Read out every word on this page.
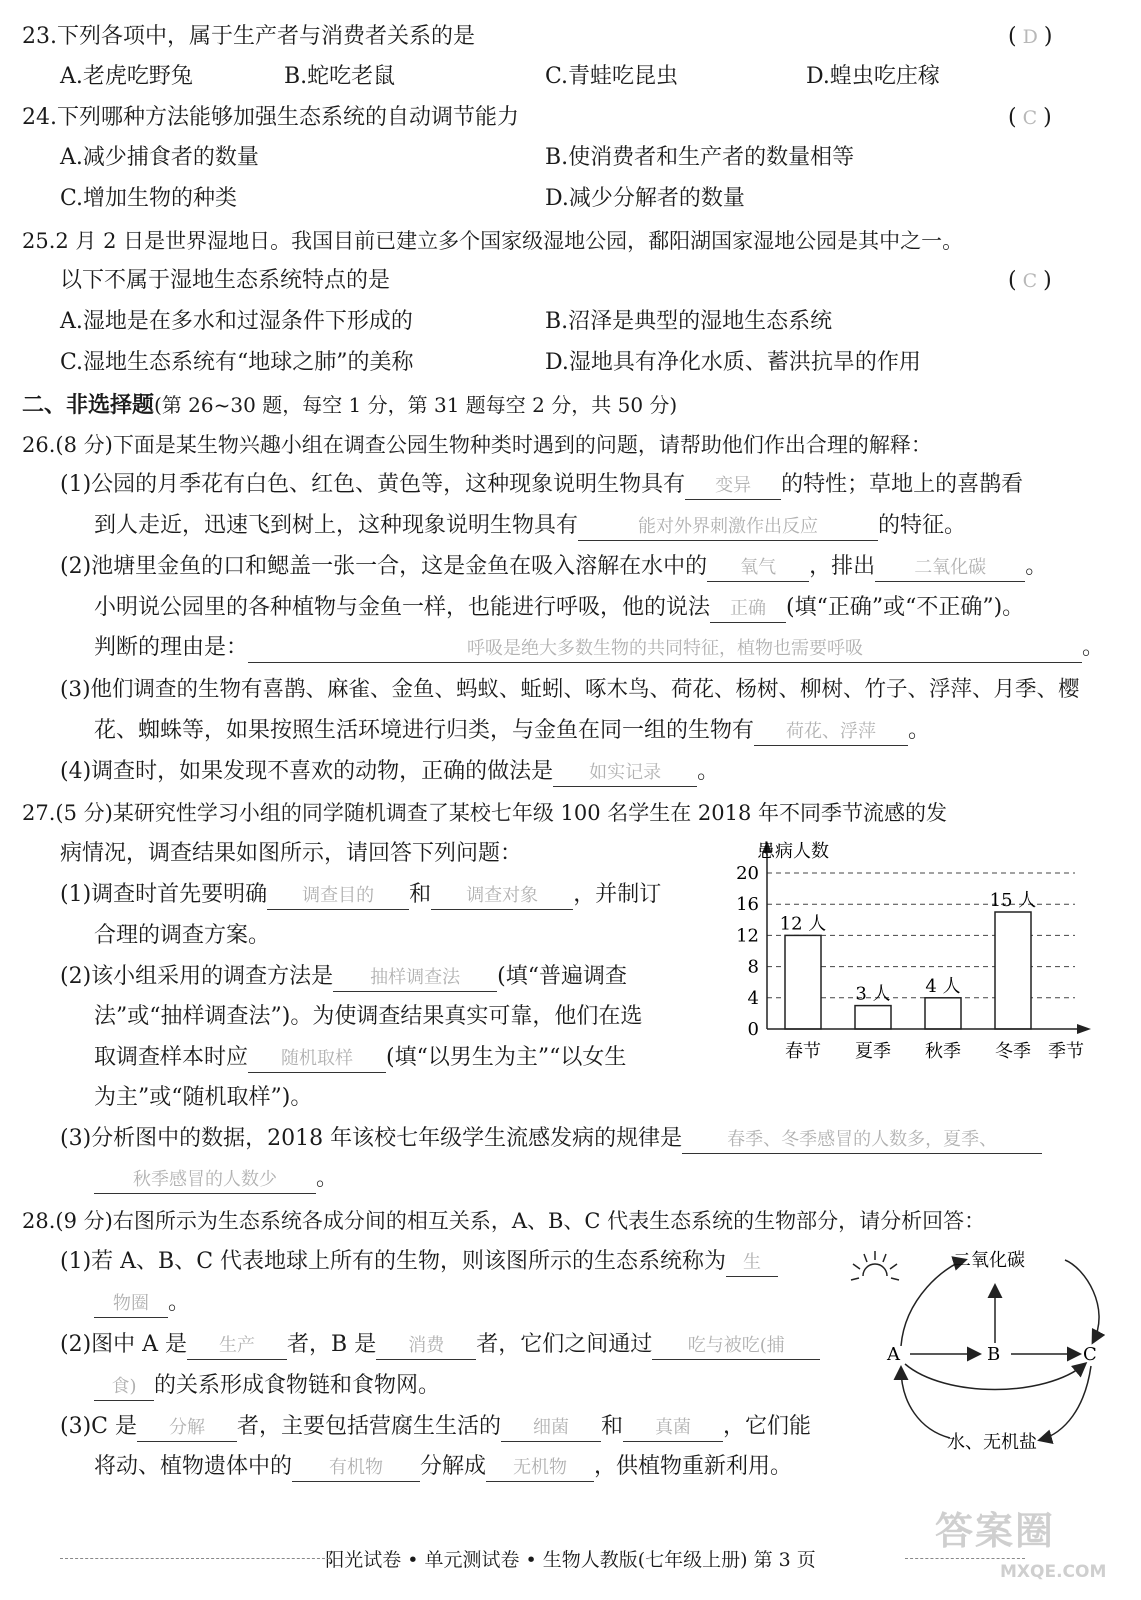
23.下列各项中，属于生产者与消费者关系的是	( D )
A.老虎吃野兔	B.蛇吃老鼠	C.青蛙吃昆虫	D.蝗虫吃庄稼
24.下列哪种方法能够加强生态系统的自动调节能力	( C )
A.减少捕食者的数量	B.使消费者和生产者的数量相等
C.增加生物的种类	D.减少分解者的数量
25.2 月 2 日是世界湿地日。我国目前已建立多个国家级湿地公园，鄱阳湖国家湿地公园是其中之一。
以下不属于湿地生态系统特点的是	( C )
A.湿地是在多水和过湿条件下形成的	B.沼泽是典型的湿地生态系统
C.湿地生态系统有“地球之肺”的美称	D.湿地具有净化水质、蓄洪抗旱的作用
二、非选择题(第 26~30 题，每空 1 分，第 31 题每空 2 分，共 50 分)
26.(8 分)下面是某生物兴趣小组在调查公园生物种类时遇到的问题，请帮助他们作出合理的解释：
(1)公园的月季花有白色、红色、黄色等，这种现象说明生物具有 变异 的特性；草地上的喜鹊看
到人走近，迅速飞到树上，这种现象说明生物具有	能对外界刺激作出反应	的特征。
(2)池塘里金鱼的口和鳃盖一张一合，这是金鱼在吸入溶解在水中的 氧气 ，排出 二氧化碳 。
小明说公园里的各种植物与金鱼一样，也能进行呼吸，他的说法 正确 (填“正确”或“不正确”)。
判断的理由是：	呼吸是绝大多数生物的共同特征，植物也需要呼吸	。
(3)他们调查的生物有喜鹊、麻雀、金鱼、蚂蚁、蚯蚓、啄木鸟、荷花、杨树、柳树、竹子、浮萍、月季、樱
花、蜘蛛等，如果按照生活环境进行归类，与金鱼在同一组的生物有 荷花、浮萍 。
(4)调查时，如果发现不喜欢的动物，正确的做法是 如实记录 。
27.(5 分)某研究性学习小组的同学随机调查了某校七年级 100 名学生在 2018 年不同季节流感的发
病情况，调查结果如图所示，请回答下列问题：
(1)调查时首先要明确 调查目的 和 调查对象 ，并制订
合理的调查方案。
(2)该小组采用的调查方法是 抽样调查法 (填“普遍调查
法”或“抽样调查法”)。为使调查结果真实可靠，他们在选
取调查样本时应 随机取样 (填“以男生为主”“以女生
为主”或“随机取样”)。
(3)分析图中的数据，2018 年该校七年级学生流感发病的规律是	春季、冬季感冒的人数多，夏季、
秋季感冒的人数少 。
12 人
3 人 4 人
15 人
0
4
8
12
16
20
春节 夏季 秋季 冬季
患病人数
季节
28.(9 分)右图所示为生态系统各成分间的相互关系，A、B、C 代表生态系统的生物部分，请分析回答：
(1)若 A、B、C 代表地球上所有的生物，则该图所示的生态系统称为 生
物圈 。
(2)图中 A 是 生产 者，B 是 消费 者，它们之间通过 吃与被吃(捕
食) 的关系形成食物链和食物网。
(3)C 是 分解 者，主要包括营腐生生活的 细菌 和 真菌 ，它们能
将动、植物遗体中的 有机物 分解成 无机物 ，供植物重新利用。
二氧化碳
A	B	C
水、无机盐
阳光试卷 • 单元测试卷 • 生物人教版(七年级上册) 第 3 页
答案圈
MXQE.COM
